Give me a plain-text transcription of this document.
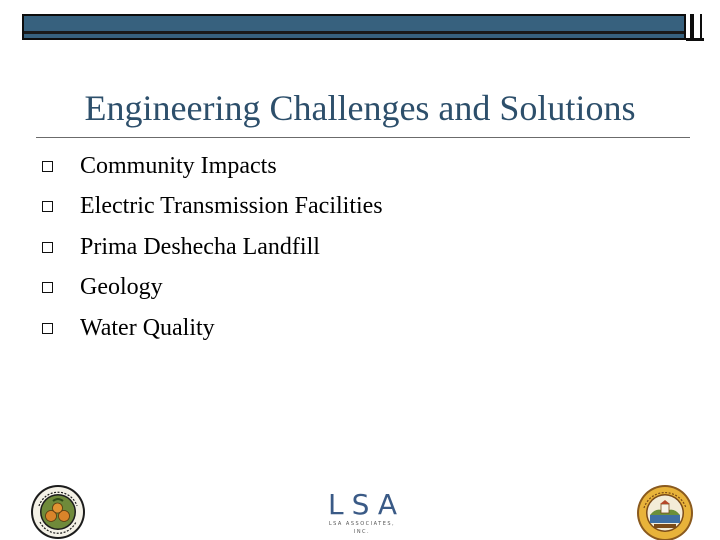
Engineering Challenges and Solutions
Community Impacts
Electric Transmission Facilities
Prima Deshecha Landfill
Geology
Water Quality
LSA
LSA ASSOCIATES, INC.
